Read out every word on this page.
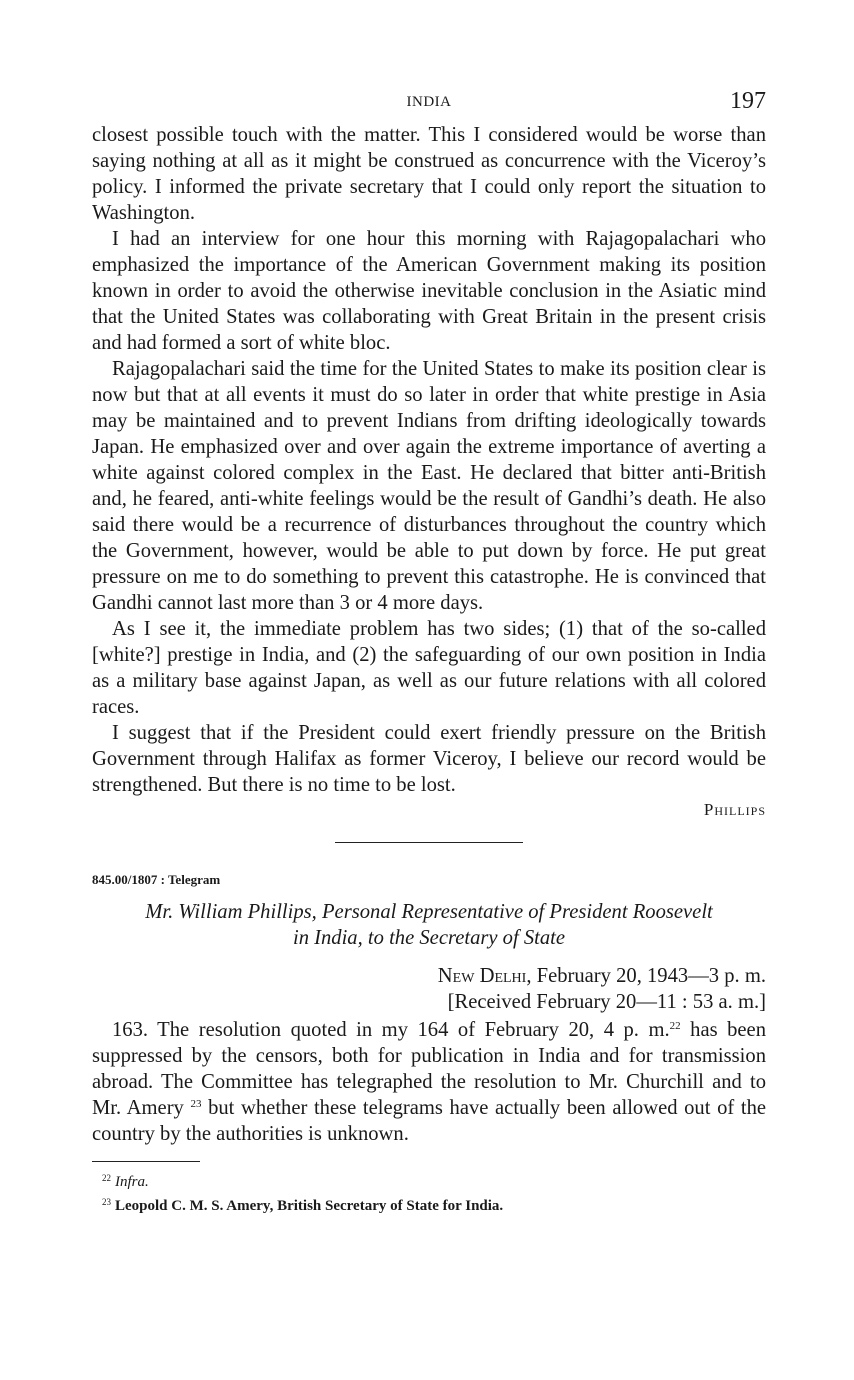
INDIA	197

closest possible touch with the matter. This I considered would be worse than saying nothing at all as it might be construed as concurrence with the Viceroy’s policy. I informed the private secretary that I could only report the situation to Washington.

I had an interview for one hour this morning with Rajagopalachari who emphasized the importance of the American Government making its position known in order to avoid the otherwise inevitable conclusion in the Asiatic mind that the United States was collaborating with Great Britain in the present crisis and had formed a sort of white bloc.

Rajagopalachari said the time for the United States to make its position clear is now but that at all events it must do so later in order that white prestige in Asia may be maintained and to prevent Indians from drifting ideologically towards Japan. He emphasized over and over again the extreme importance of averting a white against colored complex in the East. He declared that bitter anti-British and, he feared, anti-white feelings would be the result of Gandhi’s death. He also said there would be a recurrence of disturbances throughout the country which the Government, however, would be able to put down by force. He put great pressure on me to do something to prevent this catastrophe. He is convinced that Gandhi cannot last more than 3 or 4 more days.

As I see it, the immediate problem has two sides; (1) that of the so-called [white?] prestige in India, and (2) the safeguarding of our own position in India as a military base against Japan, as well as our future relations with all colored races.

I suggest that if the President could exert friendly pressure on the British Government through Halifax as former Viceroy, I believe our record would be strengthened. But there is no time to be lost.

Phillips
845.00/1807 : Telegram
Mr. William Phillips, Personal Representative of President Roosevelt
in India, to the Secretary of State
New Delhi, February 20, 1943—3 p. m.
[Received February 20—11 : 53 a. m.]

163. The resolution quoted in my 164 of February 20, 4 p. m.$^{22}$ has been suppressed by the censors, both for publication in India and for transmission abroad. The Committee has telegraphed the resolution to Mr. Churchill and to Mr. Amery $^{23}$ but whether these telegrams have actually been allowed out of the country by the authorities is unknown.

$^{22}$ Infra.
$^{23}$ Leopold C. M. S. Amery, British Secretary of State for India.
